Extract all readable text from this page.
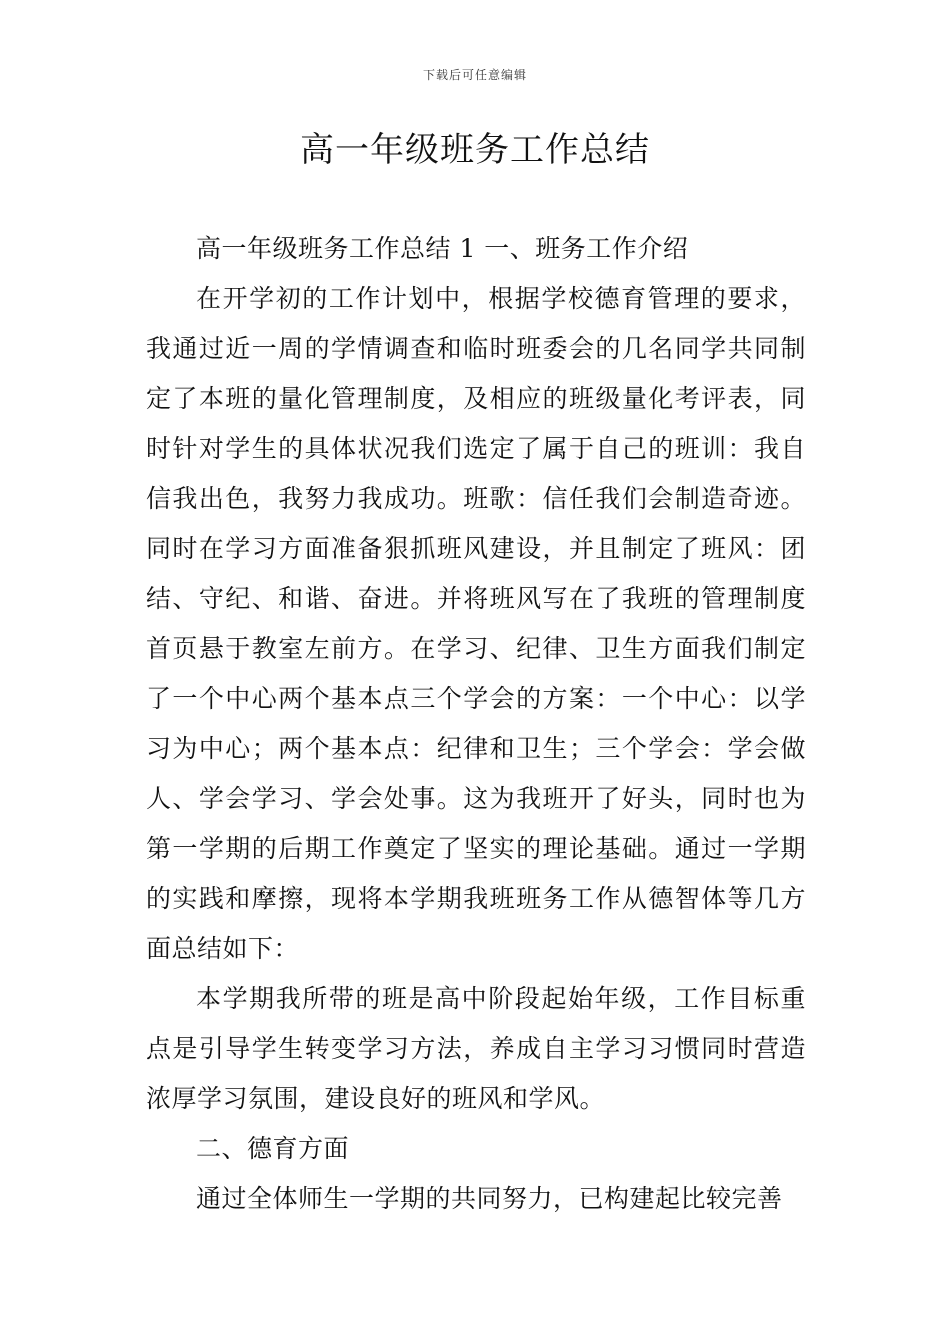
下载后可任意编辑
高一年级班务工作总结

高一年级班务工作总结 1 一、班务工作介绍

在开学初的工作计划中，根据学校德育管理的要求，我通过近一周的学情调查和临时班委会的几名同学共同制定了本班的量化管理制度，及相应的班级量化考评表，同时针对学生的具体状况我们选定了属于自己的班训：我自信我出色，我努力我成功。班歌：信任我们会制造奇迹。同时在学习方面准备狠抓班风建设，并且制定了班风：团结、守纪、和谐、奋进。并将班风写在了我班的管理制度首页悬于教室左前方。在学习、纪律、卫生方面我们制定了一个中心两个基本点三个学会的方案：一个中心：以学习为中心；两个基本点：纪律和卫生；三个学会：学会做人、学会学习、学会处事。这为我班开了好头，同时也为第一学期的后期工作奠定了坚实的理论基础。通过一学期的实践和摩擦，现将本学期我班班务工作从德智体等几方面总结如下：

本学期我所带的班是高中阶段起始年级，工作目标重点是引导学生转变学习方法，养成自主学习习惯同时营造浓厚学习氛围，建设良好的班风和学风。

二、德育方面

通过全体师生一学期的共同努力，已构建起比较完善
